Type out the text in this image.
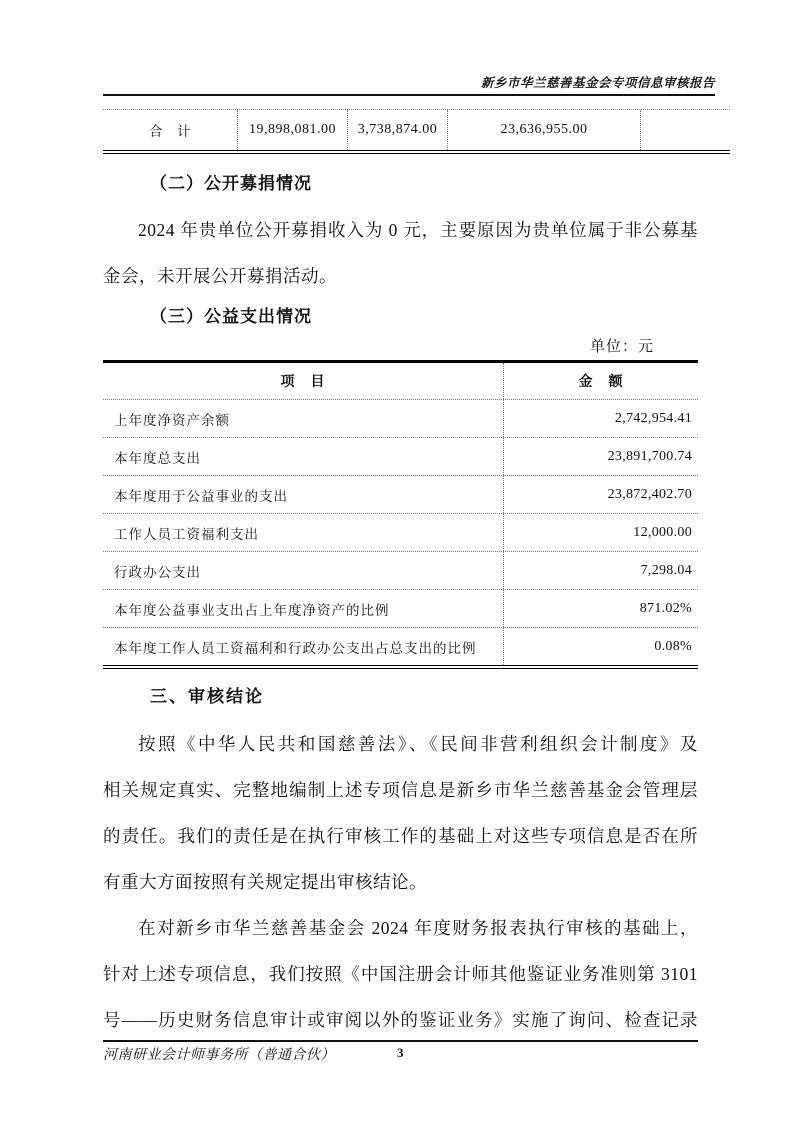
新乡市华兰慈善基金会专项信息审核报告
合　计	19,898,081.00	3,738,874.00	23,636,955.00
（二）公开募捐情况
2024 年贵单位公开募捐收入为 0 元，主要原因为贵单位属于非公募基
金会，未开展公开募捐活动。
（三）公益支出情况
单位：元
项　目	金　额
上年度净资产余额	2,742,954.41
本年度总支出	23,891,700.74
本年度用于公益事业的支出	23,872,402.70
工作人员工资福利支出	12,000.00
行政办公支出	7,298.04
本年度公益事业支出占上年度净资产的比例	871.02%
本年度工作人员工资福利和行政办公支出占总支出的比例	0.08%
三、审核结论
按照《中华人民共和国慈善法》、《民间非营利组织会计制度》及
相关规定真实、完整地编制上述专项信息是新乡市华兰慈善基金会管理层
的责任。我们的责任是在执行审核工作的基础上对这些专项信息是否在所
有重大方面按照有关规定提出审核结论。
在对新乡市华兰慈善基金会 2024 年度财务报表执行审核的基础上，
针对上述专项信息，我们按照《中国注册会计师其他鉴证业务准则第 3101
号——历史财务信息审计或审阅以外的鉴证业务》实施了询问、检查记录
河南研业会计师事务所（普通合伙）	3
